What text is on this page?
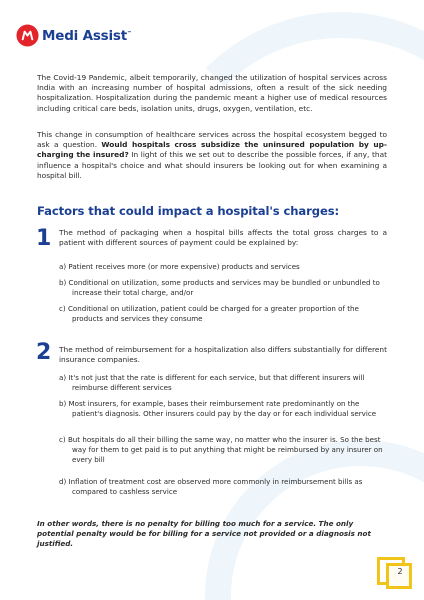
Medi Assist™

The Covid-19 Pandemic, albeit temporarily, changed the utilization of hospital services across India with an increasing number of hospital admissions, often a result of the sick needing hospitalization. Hospitalization during the pandemic meant a higher use of medical resources including critical care beds, isolation units, drugs, oxygen, ventilation, etc.

This change in consumption of healthcare services across the hospital ecosystem begged to ask a question. Would hospitals cross subsidize the uninsured population by up-charging the insured? In light of this we set out to describe the possible forces, if any, that influence a hospital's choice and what should insurers be looking out for when examining a hospital bill.

Factors that could impact a hospital's charges:
1 The method of packaging when a hospital bills affects the total gross charges to a patient with different sources of payment could be explained by:
a) Patient receives more (or more expensive) products and services
b) Conditional on utilization, some products and services may be bundled or unbundled to increase their total charge, and/or
c) Conditional on utilization, patient could be charged for a greater proportion of the products and services they consume
2 The method of reimbursement for a hospitalization also differs substantially for different insurance companies.
a) It's not just that the rate is different for each service, but that different insurers will reimburse different services
b) Most insurers, for example, bases their reimbursement rate predominantly on the patient's diagnosis. Other insurers could pay by the day or for each individual service
c) But hospitals do all their billing the same way, no matter who the insurer is. So the best way for them to get paid is to put anything that might be reimbursed by any insurer on every bill
d) Inflation of treatment cost are observed more commonly in reimbursement bills as compared to cashless service

In other words, there is no penalty for billing too much for a service. The only potential penalty would be for billing for a service not provided or a diagnosis not justified.

2
